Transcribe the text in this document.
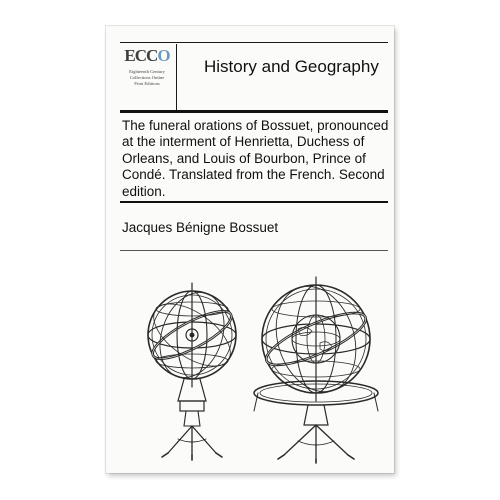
ECCO
Eighteenth Century
Collections Online
Print Editions
History and Geography

The funeral orations of Bossuet, pronounced at the interment of Henrietta, Duchess of Orleans, and Louis of Bourbon, Prince of Condé. Translated from the French. Second edition.

Jacques Bénigne Bossuet
